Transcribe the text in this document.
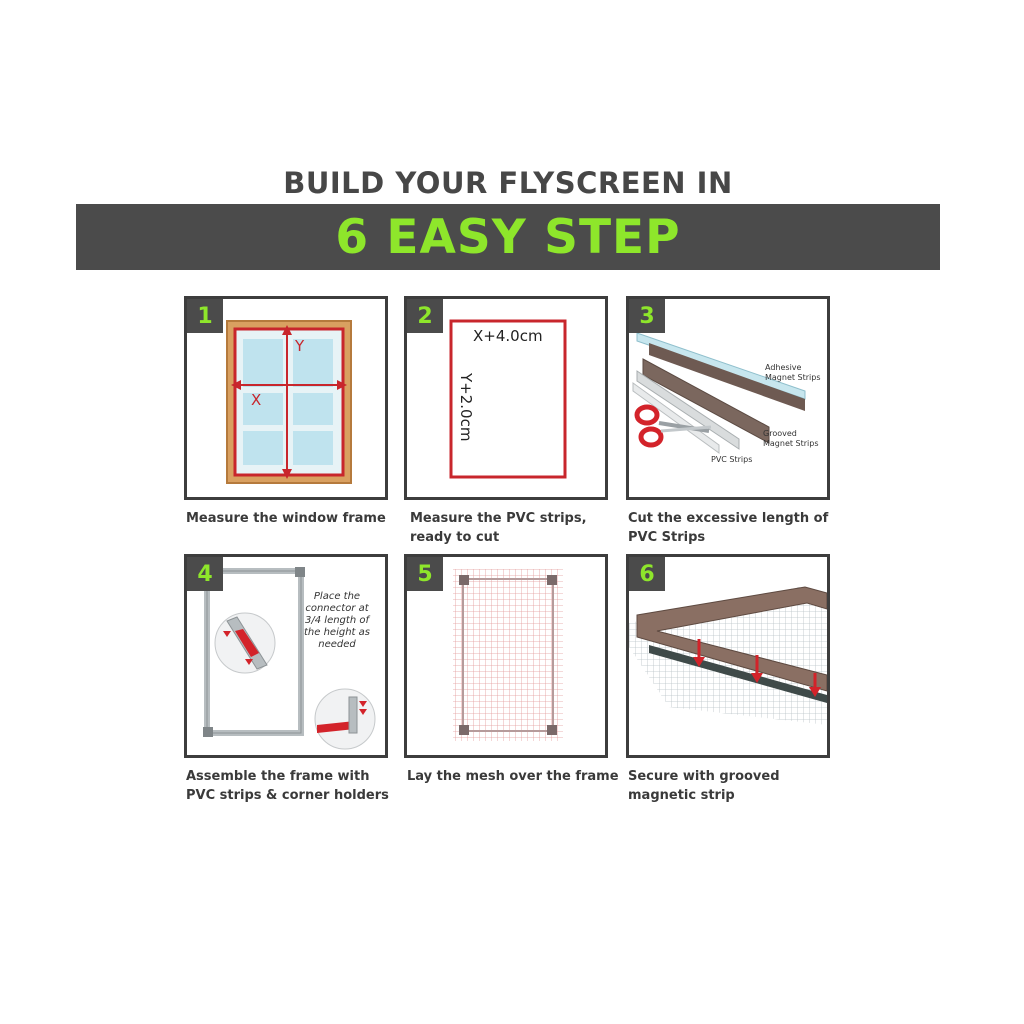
BUILD YOUR FLYSCREEN IN
6 EASY STEP
1
Y
X
Measure the window frame
2
X+4.0cm
Y+2.0cm
Measure the PVC strips,
ready to cut
3
Adhesive
Magnet Strips
Grooved
Magnet Strips
PVC Strips
Cut the excessive length of
PVC Strips
4
Place the
connector at
3/4 length of
the height as
needed
Assemble the frame with
PVC strips & corner holders
5
Lay the mesh over the frame
6
Secure with grooved
magnetic strip
